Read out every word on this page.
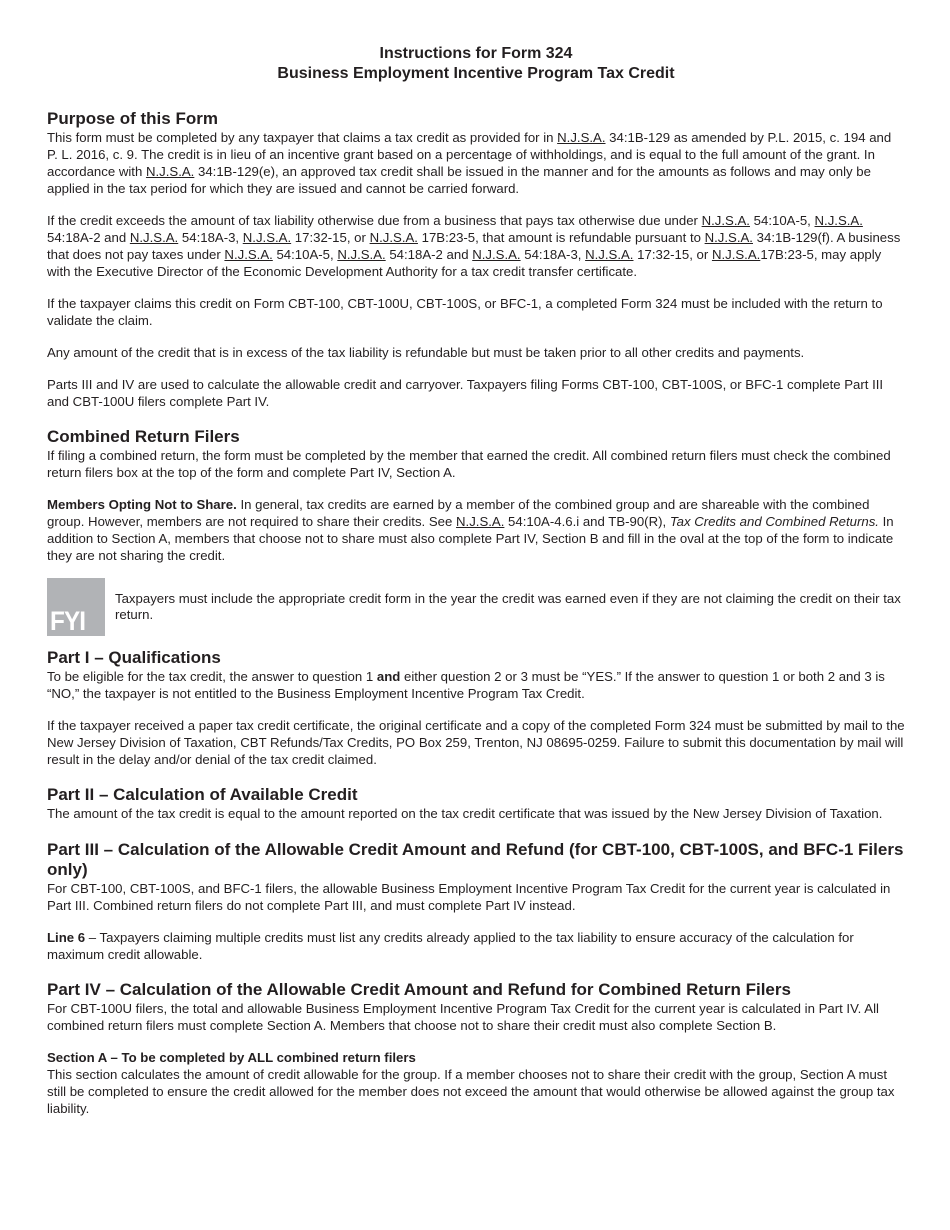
Instructions for Form 324

Business Employment Incentive Program Tax Credit

Purpose of this Form

This form must be completed by any taxpayer that claims a tax credit as provided for in N.J.S.A. 34:1B-129 as amended by P.L. 2015, c. 194 and P. L. 2016, c. 9. The credit is in lieu of an incentive grant based on a percentage of withholdings, and is equal to the full amount of the grant. In accordance with N.J.S.A. 34:1B-129(e), an approved tax credit shall be issued in the manner and for the amounts as follows and may only be applied in the tax period for which they are issued and cannot be carried forward.

If the credit exceeds the amount of tax liability otherwise due from a business that pays tax otherwise due under N.J.S.A. 54:10A-5, N.J.S.A. 54:18A-2 and N.J.S.A. 54:18A-3, N.J.S.A. 17:32-15, or N.J.S.A. 17B:23-5, that amount is refundable pursuant to N.J.S.A. 34:1B-129(f). A business that does not pay taxes under N.J.S.A. 54:10A-5, N.J.S.A. 54:18A-2 and N.J.S.A. 54:18A-3, N.J.S.A. 17:32-15, or N.J.S.A.17B:23-5, may apply with the Executive Director of the Economic Development Authority for a tax credit transfer certificate.

If the taxpayer claims this credit on Form CBT-100, CBT-100U, CBT-100S, or BFC-1, a completed Form 324 must be included with the return to validate the claim.

Any amount of the credit that is in excess of the tax liability is refundable but must be taken prior to all other credits and payments.

Parts III and IV are used to calculate the allowable credit and carryover. Taxpayers filing Forms CBT-100, CBT-100S, or BFC-1 complete Part III and CBT-100U filers complete Part IV.

Combined Return Filers

If filing a combined return, the form must be completed by the member that earned the credit. All combined return filers must check the combined return filers box at the top of the form and complete Part IV, Section A.

Members Opting Not to Share. In general, tax credits are earned by a member of the combined group and are shareable with the combined group. However, members are not required to share their credits. See N.J.S.A. 54:10A-4.6.i and TB-90(R), Tax Credits and Combined Returns. In addition to Section A, members that choose not to share must also complete Part IV, Section B and fill in the oval at the top of the form to indicate they are not sharing the credit.

FYI

Taxpayers must include the appropriate credit form in the year the credit was earned even if they are not claiming the credit on their tax return.

Part I – Qualifications

To be eligible for the tax credit, the answer to question 1 and either question 2 or 3 must be “YES.” If the answer to question 1 or both 2 and 3 is “NO,” the taxpayer is not entitled to the Business Employment Incentive Program Tax Credit.

If the taxpayer received a paper tax credit certificate, the original certificate and a copy of the completed Form 324 must be submitted by mail to the New Jersey Division of Taxation, CBT Refunds/Tax Credits, PO Box 259, Trenton, NJ 08695-0259. Failure to submit this documentation by mail will result in the delay and/or denial of the tax credit claimed.

Part II – Calculation of Available Credit

The amount of the tax credit is equal to the amount reported on the tax credit certificate that was issued by the New Jersey Division of Taxation.

Part III – Calculation of the Allowable Credit Amount and Refund (for CBT-100, CBT-100S, and BFC-1 Filers only)

For CBT-100, CBT-100S, and BFC-1 filers, the allowable Business Employment Incentive Program Tax Credit for the current year is calculated in Part III. Combined return filers do not complete Part III, and must complete Part IV instead.

Line 6 – Taxpayers claiming multiple credits must list any credits already applied to the tax liability to ensure accuracy of the calculation for maximum credit allowable.

Part IV – Calculation of the Allowable Credit Amount and Refund for Combined Return Filers

For CBT-100U filers, the total and allowable Business Employment Incentive Program Tax Credit for the current year is calculated in Part IV. All combined return filers must complete Section A. Members that choose not to share their credit must also complete Section B.

Section A – To be completed by ALL combined return filers

This section calculates the amount of credit allowable for the group. If a member chooses not to share their credit with the group, Section A must still be completed to ensure the credit allowed for the member does not exceed the amount that would otherwise be allowed against the group tax liability.
